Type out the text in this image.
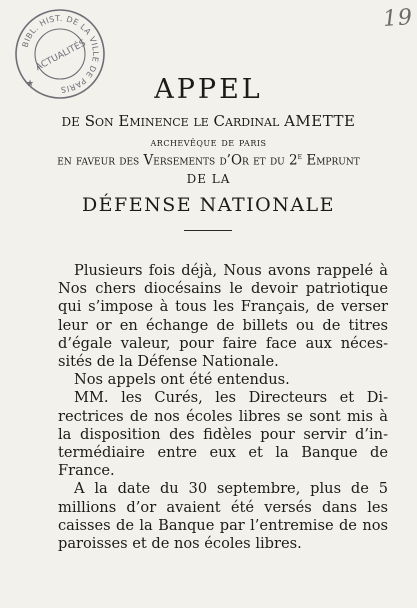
BIBL. HIST. DE LA VILLE DE PARIS
ACTUALITÉS
★
19
APPEL
DE Son Eminence le Cardinal AMETTE
archevêque de paris
en faveur des Versements d’Or et du 2e Emprunt
DE LA
DÉFENSE NATIONALE

Plusieurs fois déjà, Nous avons rappelé à Nos chers diocésains le devoir patriotique qui s’impose à tous les Français, de verser leur or en échange de billets ou de titres d’égale valeur, pour faire face aux nécessités de la Défense Nationale.

Nos appels ont été entendus.

MM. les Curés, les Directeurs et Directrices de nos écoles libres se sont mis à la disposition des fidèles pour servir d’intermédiaire entre eux et la Banque de France.

A la date du 30 septembre, plus de 5 millions d’or avaient été versés dans les caisses de la Banque par l’entremise de nos paroisses et de nos écoles libres.
